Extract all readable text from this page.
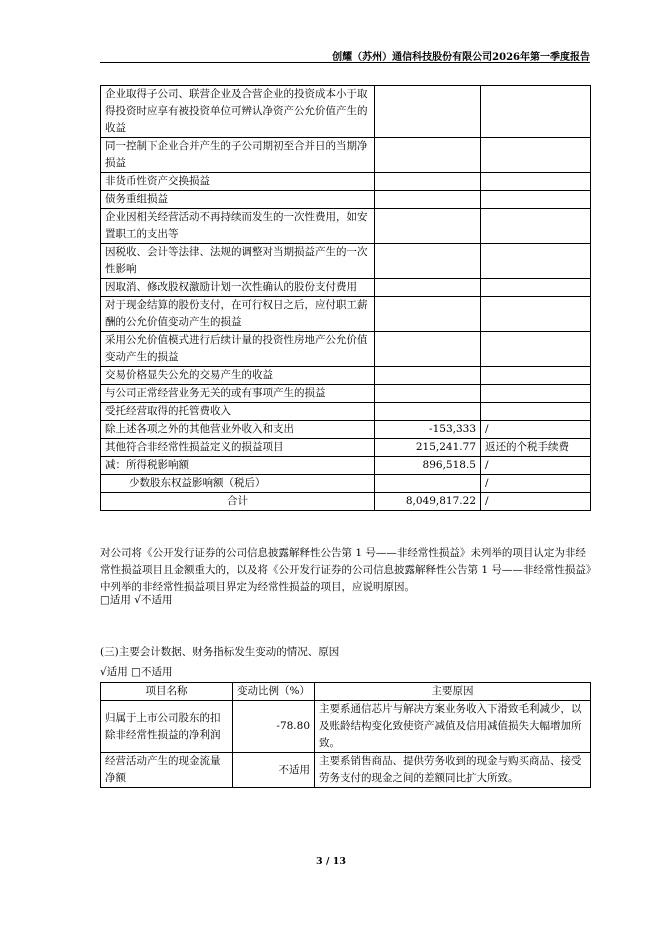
创耀（苏州）通信科技股份有限公司2026年第一季度报告
企业取得子公司、联营企业及合营企业的投资成本小于取得投资时应享有被投资单位可辨认净资产公允价值产生的收益		
同一控制下企业合并产生的子公司期初至合并日的当期净损益		
非货币性资产交换损益		
债务重组损益		
企业因相关经营活动不再持续而发生的一次性费用，如安置职工的支出等		
因税收、会计等法律、法规的调整对当期损益产生的一次性影响		
因取消、修改股权激励计划一次性确认的股份支付费用		
对于现金结算的股份支付，在可行权日之后，应付职工薪酬的公允价值变动产生的损益		
采用公允价值模式进行后续计量的投资性房地产公允价值变动产生的损益		
交易价格显失公允的交易产生的收益		
与公司正常经营业务无关的或有事项产生的损益		
受托经营取得的托管费收入		
除上述各项之外的其他营业外收入和支出	-153,333	/
其他符合非经常性损益定义的损益项目	215,241.77	返还的个税手续费
减：所得税影响额	896,518.5	/
少数股东权益影响额（税后）		/
合计	8,049,817.22	/
对公司将《公开发行证券的公司信息披露解释性公告第 1 号——非经常性损益》未列举的项目认定为非经常性损益项目且金额重大的，以及将《公开发行证券的公司信息披露解释性公告第 1 号——非经常性损益》中列举的非经常性损益项目界定为经常性损益的项目，应说明原因。
□适用 √不适用
(三)主要会计数据、财务指标发生变动的情况、原因
√适用 □不适用
项目名称	变动比例（%）	主要原因
归属于上市公司股东的扣除非经常性损益的净利润	-78.80	主要系通信芯片与解决方案业务收入下滑致毛利减少，以及账龄结构变化致使资产减值及信用减值损失大幅增加所致。
经营活动产生的现金流量净额	不适用	主要系销售商品、提供劳务收到的现金与购买商品、接受劳务支付的现金之间的差额同比扩大所致。
3 / 13
